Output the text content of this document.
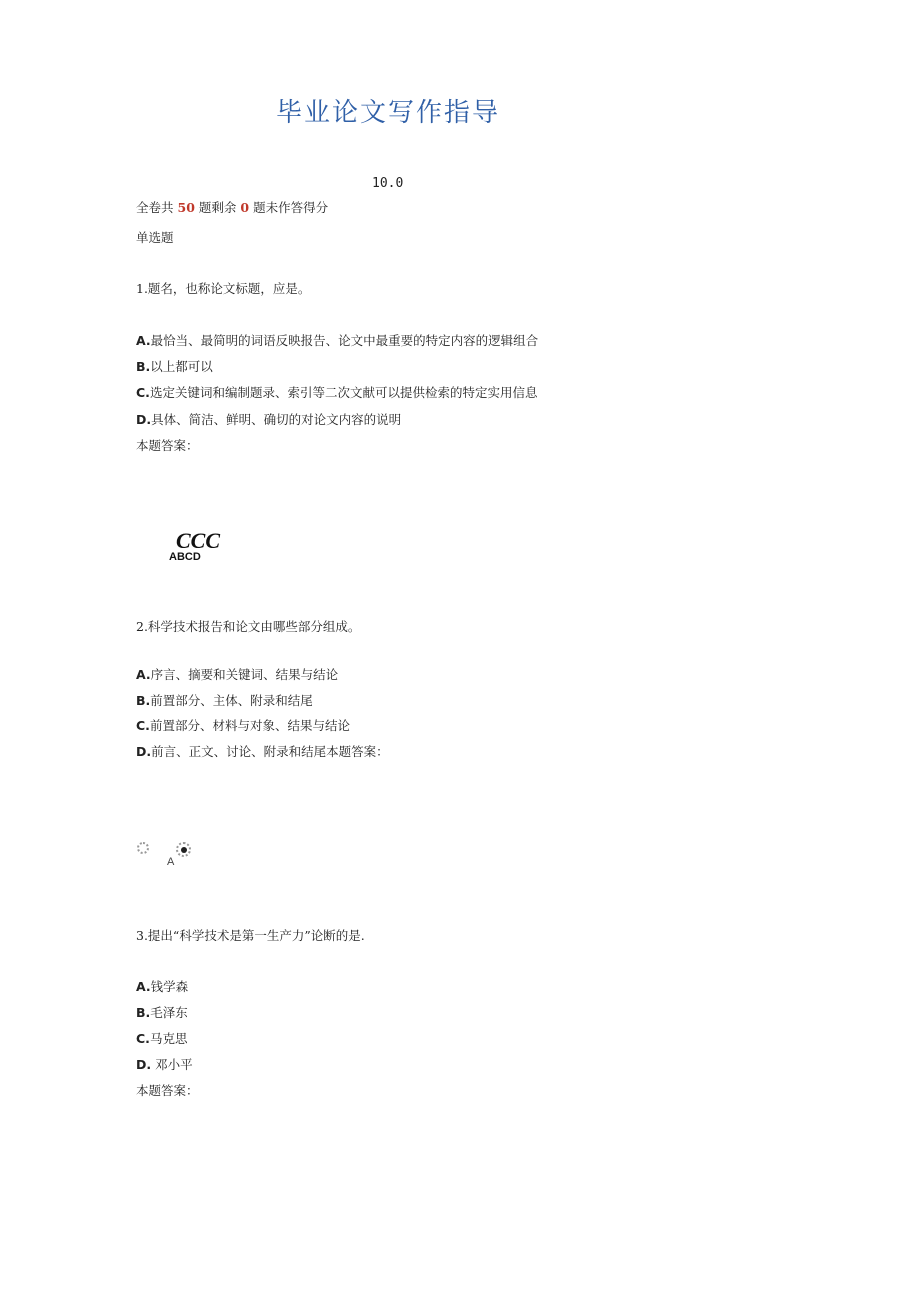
毕业论文写作指导
10.0
全卷共 50 题剩余 0 题未作答得分
单选题
1.题名，也称论文标题，应是。
A.最恰当、最简明的词语反映报告、论文中最重要的特定内容的逻辑组合
B.以上都可以
C.选定关键词和编制题录、索引等二次文献可以提供检索的特定实用信息
D.具体、简洁、鲜明、确切的对论文内容的说明
本题答案：
CCC
ABCD
2.科学技术报告和论文由哪些部分组成。
A.序言、摘要和关键词、结果与结论
B.前置部分、主体、附录和结尾
C.前置部分、材料与对象、结果与结论
D.前言、正文、讨论、附录和结尾本题答案：
A
3.提出“科学技术是第一生产力”论断的是.
A.钱学森
B.毛泽东
C.马克思
D. 邓小平
本题答案：
